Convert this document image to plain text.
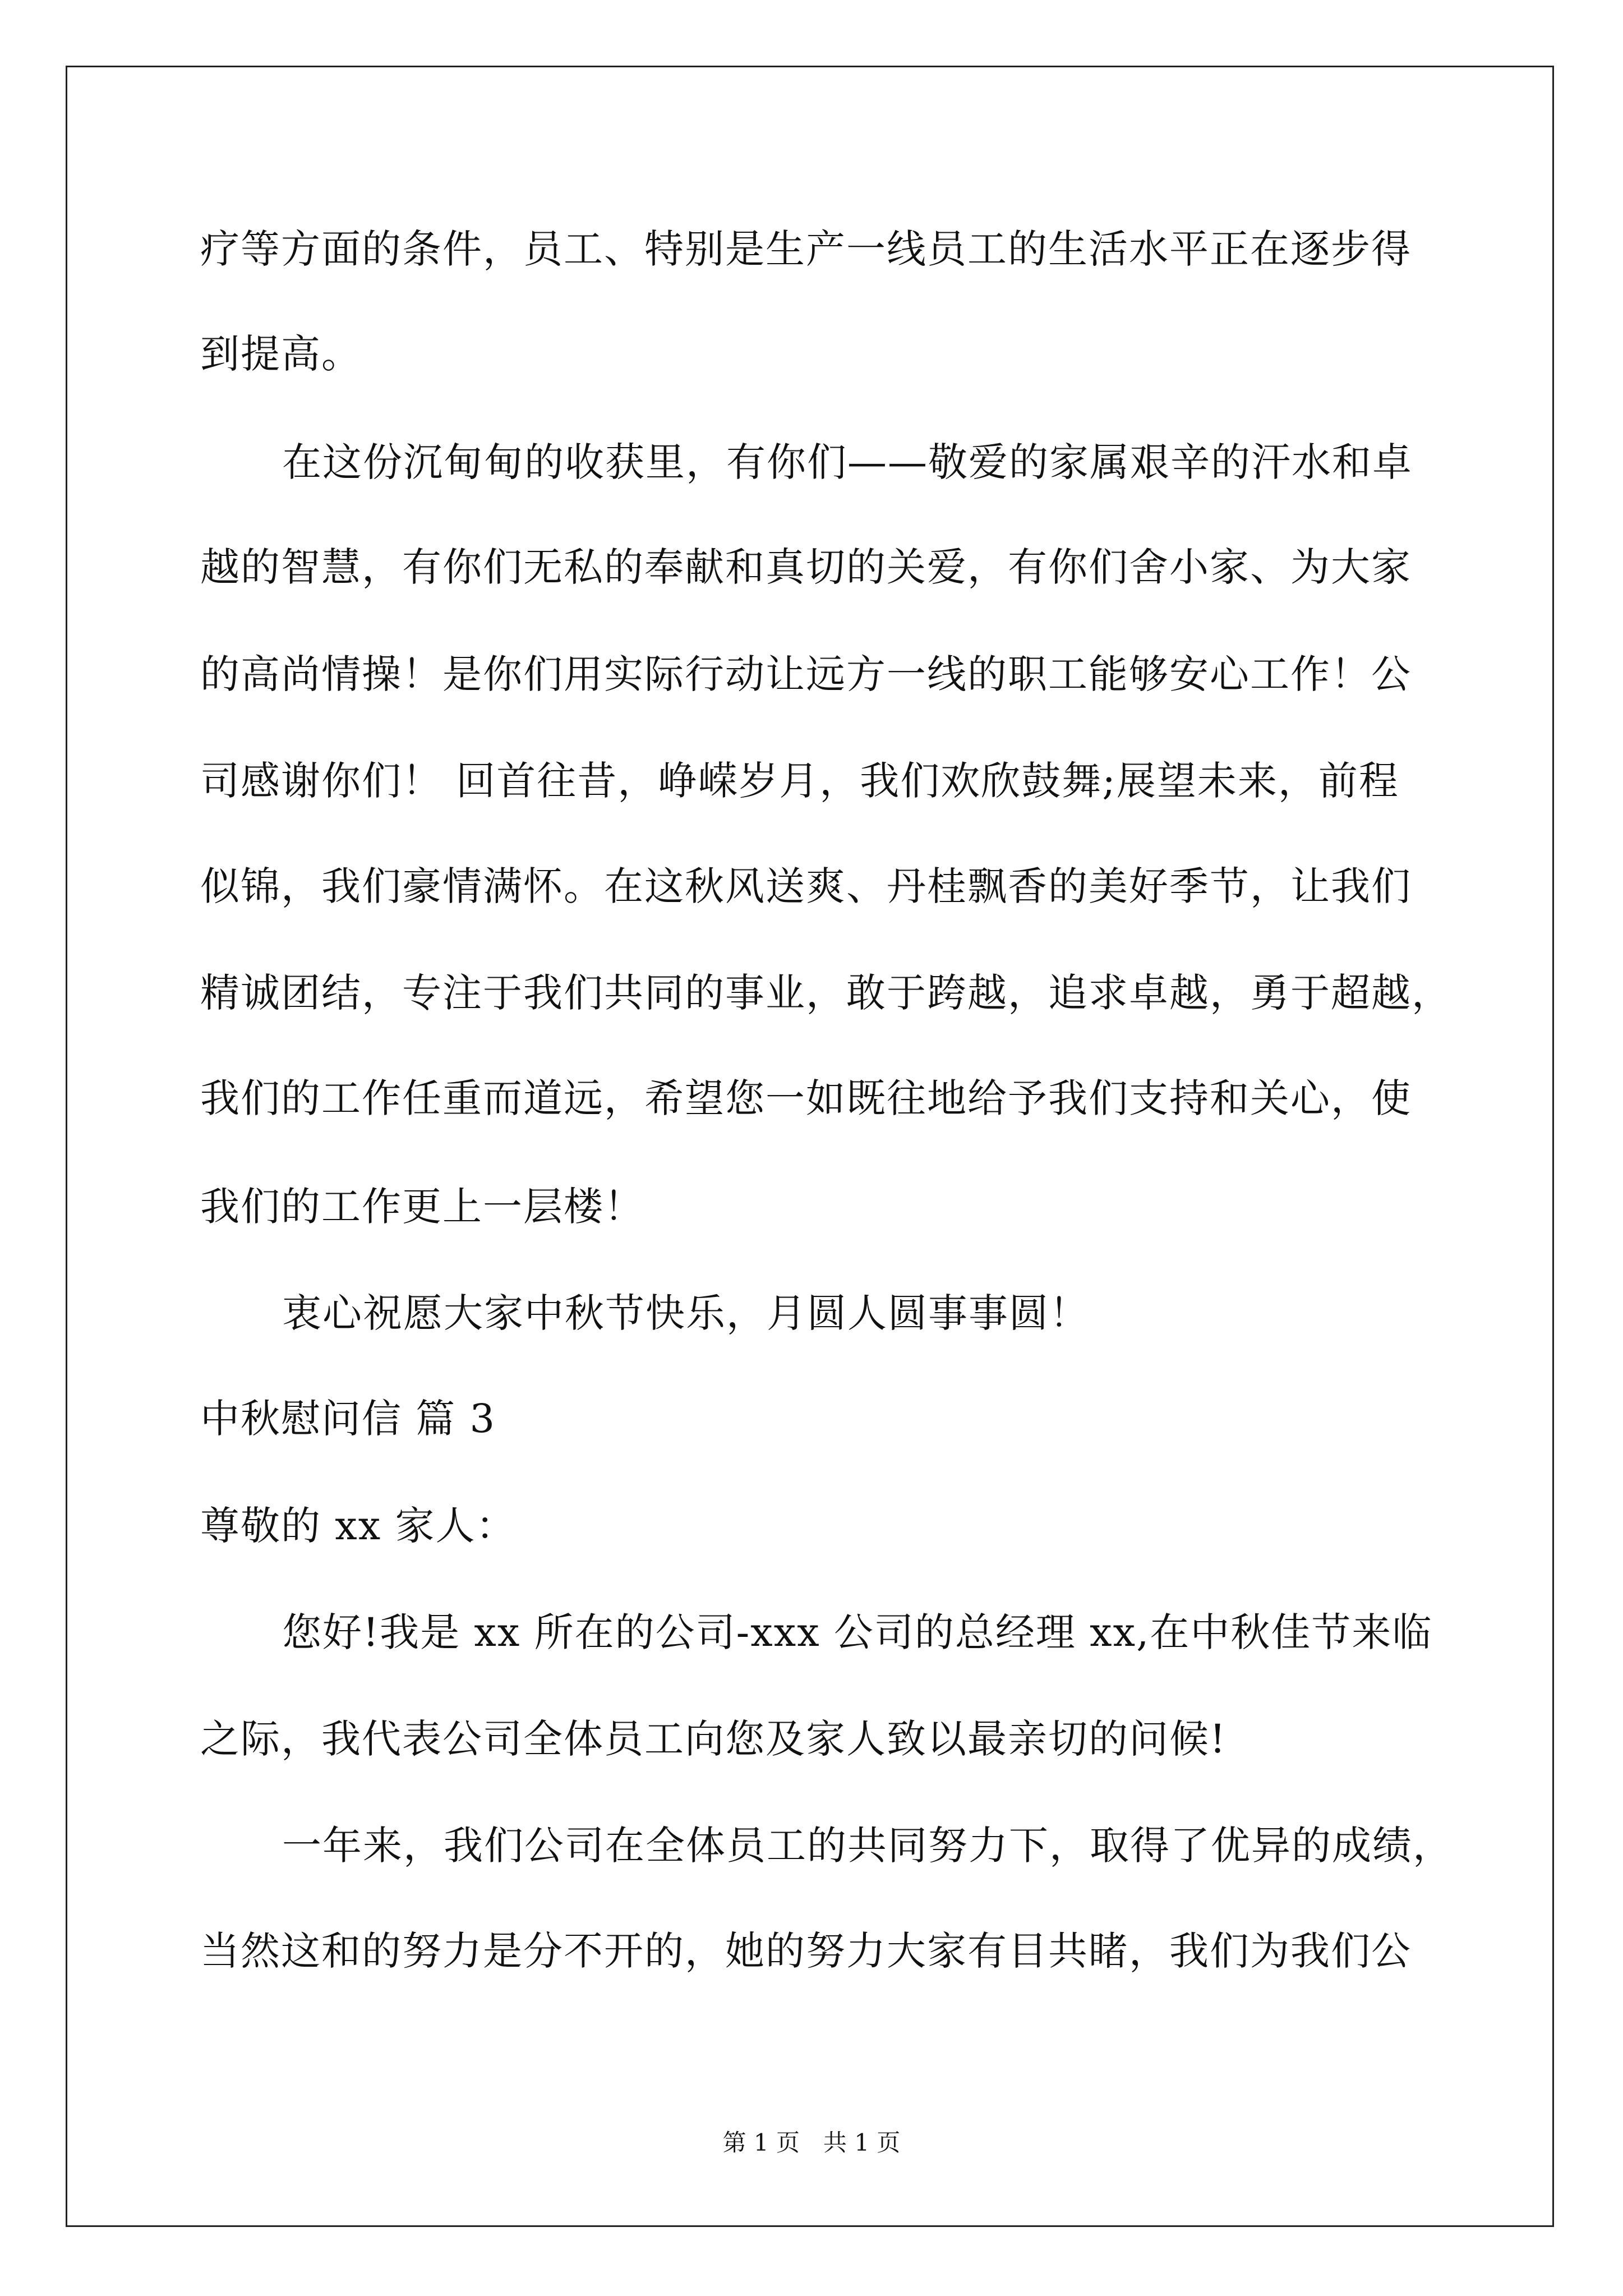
疗等方面的条件，员工、特别是生产一线员工的生活水平正在逐步得
到提高。
在这份沉甸甸的收获里，有你们——敬爱的家属艰辛的汗水和卓
越的智慧，有你们无私的奉献和真切的关爱，有你们舍小家、为大家
的高尚情操！是你们用实际行动让远方一线的职工能够安心工作！公
司感谢你们！ 回首往昔，峥嵘岁月，我们欢欣鼓舞;展望未来，前程
似锦，我们豪情满怀。在这秋风送爽、丹桂飘香的美好季节，让我们
精诚团结，专注于我们共同的事业，敢于跨越，追求卓越，勇于超越，
我们的工作任重而道远，希望您一如既往地给予我们支持和关心，使
我们的工作更上一层楼！
衷心祝愿大家中秋节快乐，月圆人圆事事圆！
中秋慰问信 篇 3
尊敬的 xx 家人：
您好!我是 xx 所在的公司-xxx 公司的总经理 xx,在中秋佳节来临
之际，我代表公司全体员工向您及家人致以最亲切的问候!
一年来，我们公司在全体员工的共同努力下，取得了优异的成绩，
当然这和的努力是分不开的，她的努力大家有目共睹，我们为我们公
第 1 页　共 1 页
